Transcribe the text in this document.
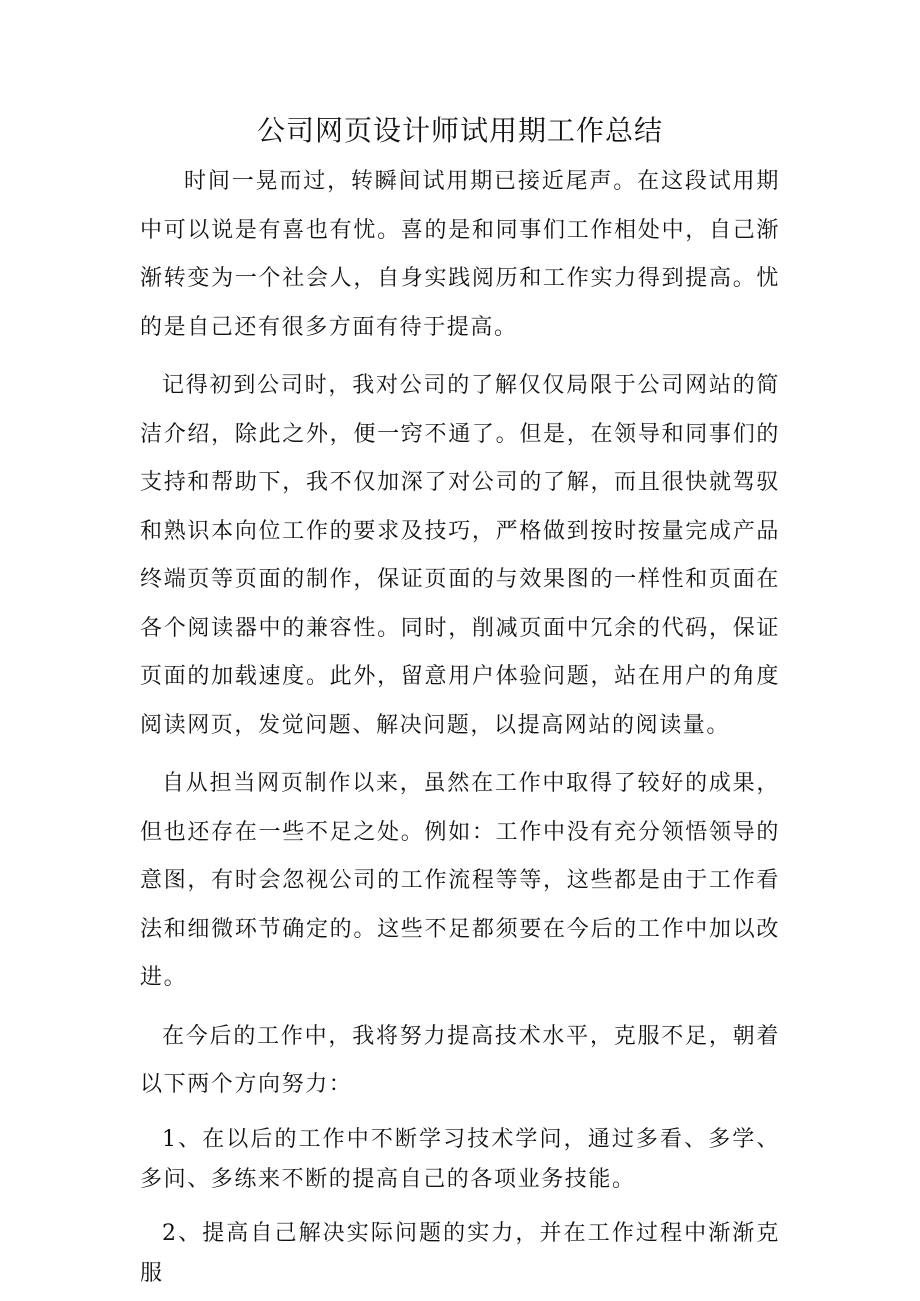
公司网页设计师试用期工作总结

时间一晃而过，转瞬间试用期已接近尾声。在这段试用期中可以说是有喜也有忧。喜的是和同事们工作相处中，自己渐渐转变为一个社会人，自身实践阅历和工作实力得到提高。忧的是自己还有很多方面有待于提高。

记得初到公司时，我对公司的了解仅仅局限于公司网站的简洁介绍，除此之外，便一窍不通了。但是，在领导和同事们的支持和帮助下，我不仅加深了对公司的了解，而且很快就驾驭和熟识本向位工作的要求及技巧，严格做到按时按量完成产品终端页等页面的制作，保证页面的与效果图的一样性和页面在各个阅读器中的兼容性。同时，削减页面中冗余的代码，保证页面的加载速度。此外，留意用户体验问题，站在用户的角度阅读网页，发觉问题、解决问题，以提高网站的阅读量。

自从担当网页制作以来，虽然在工作中取得了较好的成果，但也还存在一些不足之处。例如：工作中没有充分领悟领导的意图，有时会忽视公司的工作流程等等，这些都是由于工作看法和细微环节确定的。这些不足都须要在今后的工作中加以改进。

在今后的工作中，我将努力提高技术水平，克服不足，朝着以下两个方向努力：

1、在以后的工作中不断学习技术学问，通过多看、多学、多问、多练来不断的提高自己的各项业务技能。

2、提高自己解决实际问题的实力，并在工作过程中渐渐克服
